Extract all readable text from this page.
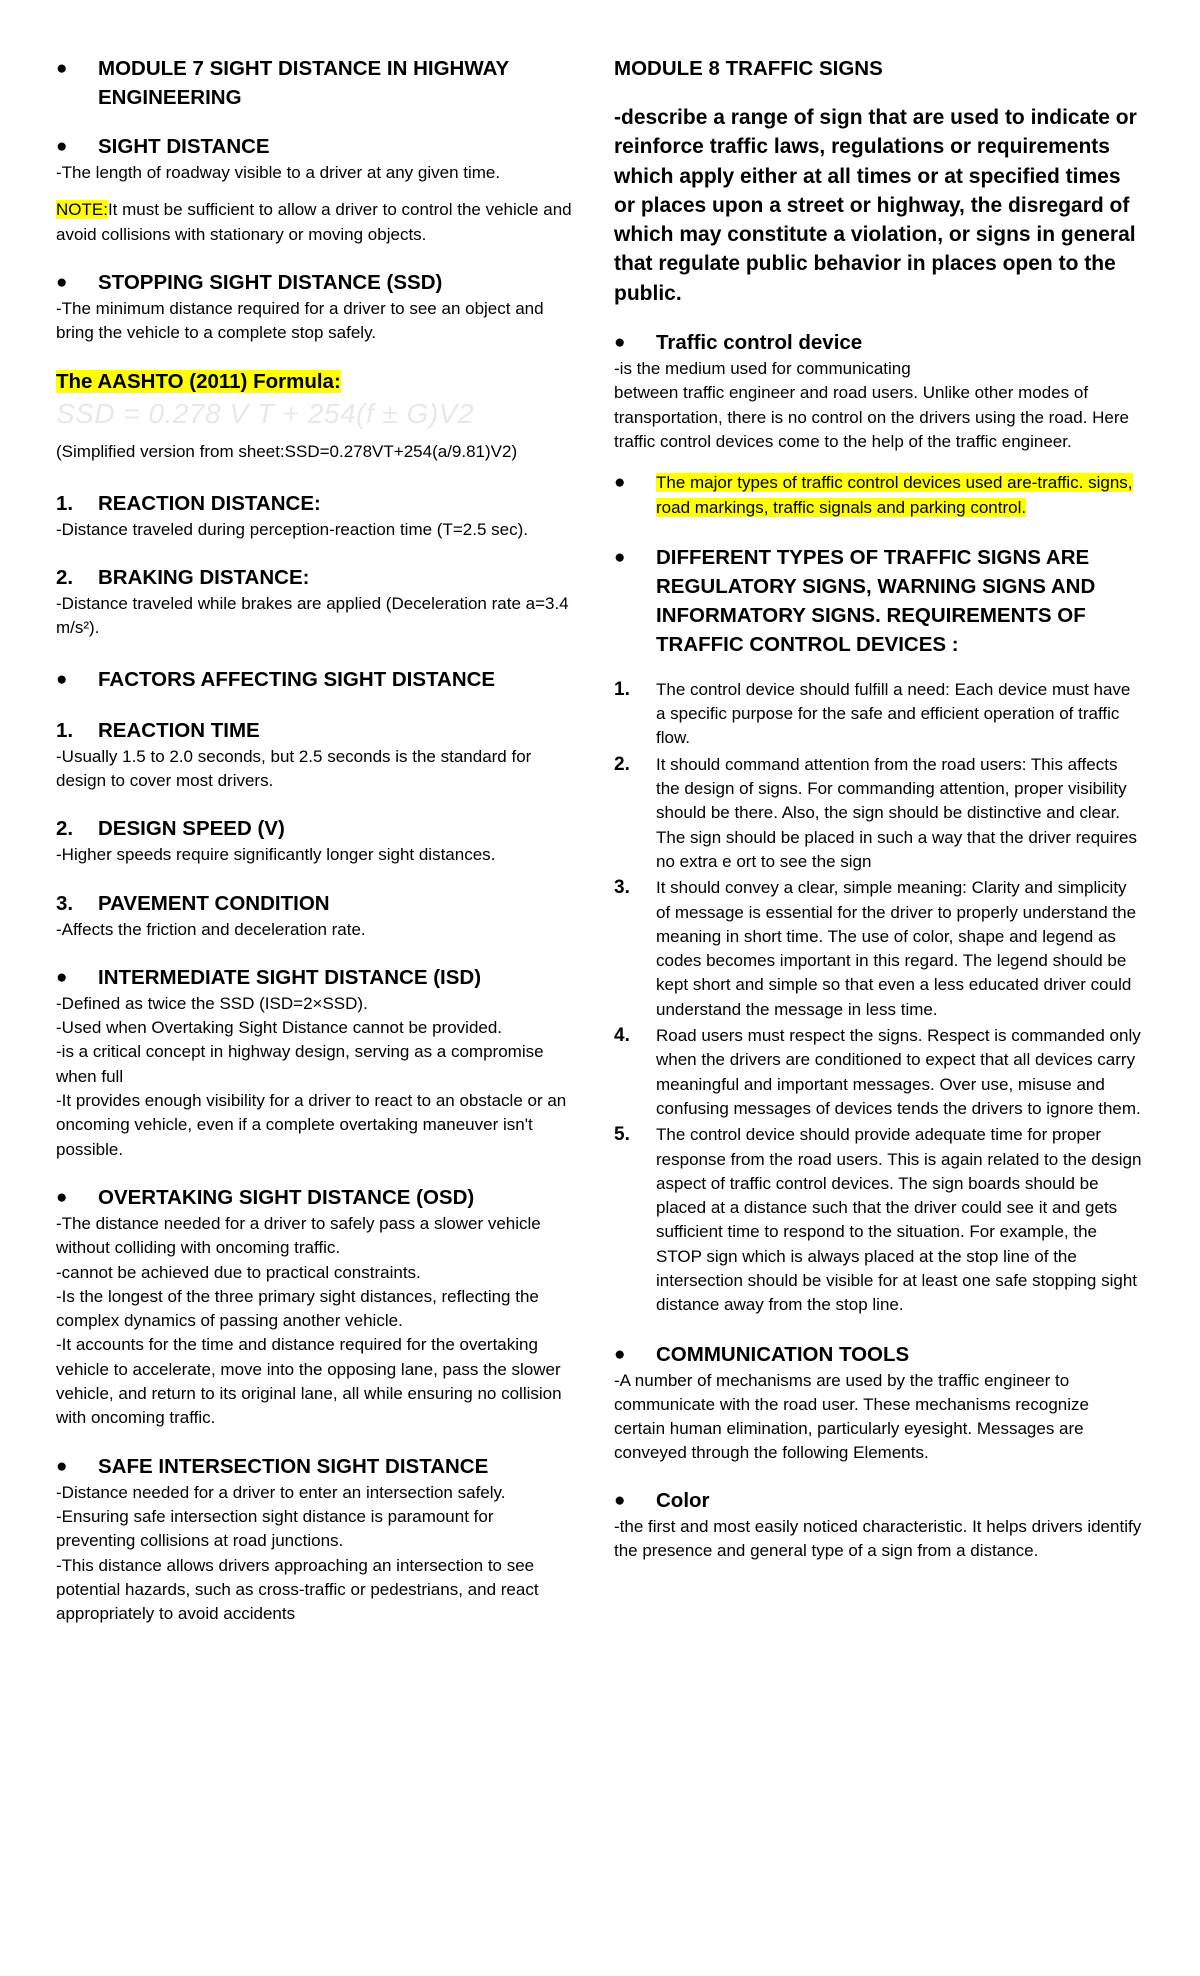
● MODULE 7 SIGHT DISTANCE IN HIGHWAY ENGINEERING
● SIGHT DISTANCE
-The length of roadway visible to a driver at any given time.
NOTE:It must be sufficient to allow a driver to control the vehicle and avoid collisions with stationary or moving objects.
● STOPPING SIGHT DISTANCE (SSD)
-The minimum distance required for a driver to see an object and bring the vehicle to a complete stop safely.
The AASHTO (2011) Formula:
SSD = 0.278 V T + 254(f ± G)V2
(Simplified version from sheet:SSD=0.278VT+254(a/9.81)V2)
1. REACTION DISTANCE:
-Distance traveled during perception-reaction time (T=2.5 sec).
2. BRAKING DISTANCE:
-Distance traveled while brakes are applied (Deceleration rate a=3.4 m/s²).
● FACTORS AFFECTING SIGHT DISTANCE
1. REACTION TIME
-Usually 1.5 to 2.0 seconds, but 2.5 seconds is the standard for design to cover most drivers.
2. DESIGN SPEED (V)
-Higher speeds require significantly longer sight distances.
3. PAVEMENT CONDITION
-Affects the friction and deceleration rate.
● INTERMEDIATE SIGHT DISTANCE (ISD)
-Defined as twice the SSD (ISD=2×SSD).
-Used when Overtaking Sight Distance cannot be provided.
-is a critical concept in highway design, serving as a compromise when full
-It provides enough visibility for a driver to react to an obstacle or an oncoming vehicle, even if a complete overtaking maneuver isn't possible.
● OVERTAKING SIGHT DISTANCE (OSD)
-The distance needed for a driver to safely pass a slower vehicle without colliding with oncoming traffic.
-cannot be achieved due to practical constraints.
-Is the longest of the three primary sight distances, reflecting the complex dynamics of passing another vehicle.
-It accounts for the time and distance required for the overtaking vehicle to accelerate, move into the opposing lane, pass the slower vehicle, and return to its original lane, all while ensuring no collision with oncoming traffic.
● SAFE INTERSECTION SIGHT DISTANCE
-Distance needed for a driver to enter an intersection safely.
-Ensuring safe intersection sight distance is paramount for preventing collisions at road junctions.
-This distance allows drivers approaching an intersection to see potential hazards, such as cross-traffic or pedestrians, and react appropriately to avoid accidents
MODULE 8 TRAFFIC SIGNS
-describe a range of sign that are used to indicate or reinforce traffic laws, regulations or requirements which apply either at all times or at specified times or places upon a street or highway, the disregard of which may constitute a violation, or signs in general that regulate public behavior in places open to the public.
● Traffic control device
-is the medium used for communicating
between traffic engineer and road users. Unlike other modes of transportation, there is no control on the drivers using the road. Here traffic control devices come to the help of the traffic engineer.
● The major types of traffic control devices used are-traffic. signs, road markings, traffic signals and parking control.
● DIFFERENT TYPES OF TRAFFIC SIGNS ARE REGULATORY SIGNS, WARNING SIGNS AND INFORMATORY SIGNS. REQUIREMENTS OF TRAFFIC CONTROL DEVICES :
1. The control device should fulfill a need: Each device must have a specific purpose for the safe and efficient operation of traffic flow.
2. It should command attention from the road users: This affects the design of signs. For commanding attention, proper visibility should be there. Also, the sign should be distinctive and clear. The sign should be placed in such a way that the driver requires no extra e ort to see the sign
3. It should convey a clear, simple meaning: Clarity and simplicity of message is essential for the driver to properly understand the meaning in short time. The use of color, shape and legend as codes becomes important in this regard. The legend should be kept short and simple so that even a less educated driver could understand the message in less time.
4. Road users must respect the signs. Respect is commanded only when the drivers are conditioned to expect that all devices carry meaningful and important messages. Over use, misuse and confusing messages of devices tends the drivers to ignore them.
5. The control device should provide adequate time for proper response from the road users. This is again related to the design aspect of traffic control devices. The sign boards should be placed at a distance such that the driver could see it and gets sufficient time to respond to the situation. For example, the STOP sign which is always placed at the stop line of the intersection should be visible for at least one safe stopping sight distance away from the stop line.
● COMMUNICATION TOOLS
-A number of mechanisms are used by the traffic engineer to communicate with the road user. These mechanisms recognize certain human elimination, particularly eyesight. Messages are conveyed through the following Elements.
● Color
-the first and most easily noticed characteristic. It helps drivers identify the presence and general type of a sign from a distance.
